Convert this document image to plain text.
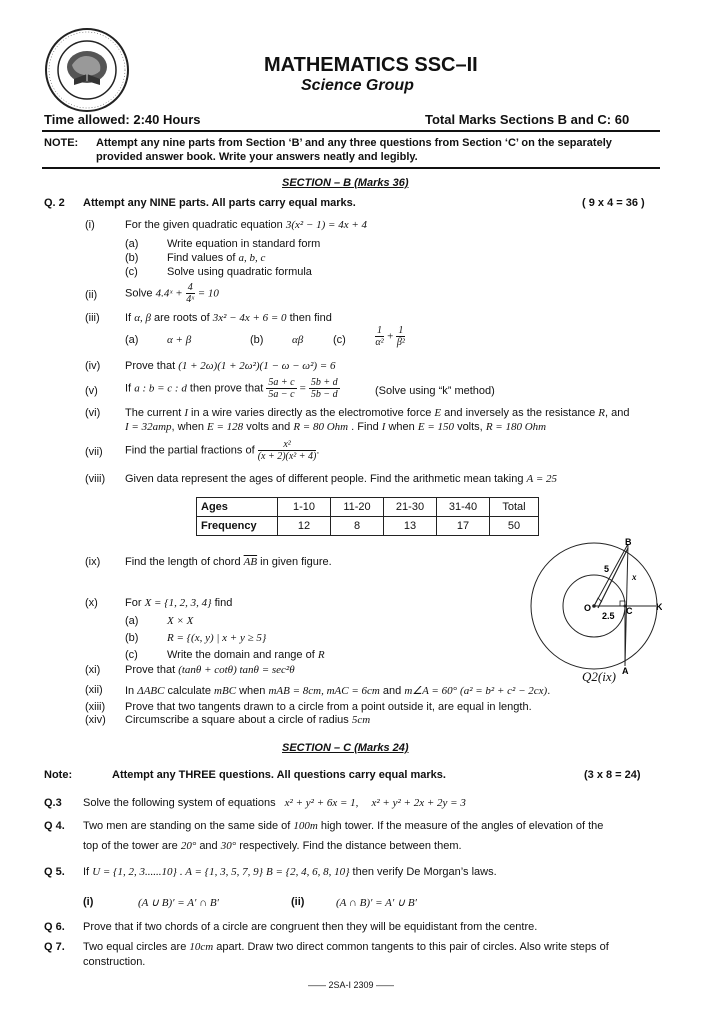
MATHEMATICS SSC–II
Science Group
Time allowed: 2:40 Hours	Total Marks Sections B and C: 60
NOTE: Attempt any nine parts from Section ‘B’ and any three questions from Section ‘C’ on the separately
provided answer book. Write your answers neatly and legibly.
SECTION – B (Marks 36)
Q. 2 Attempt any NINE parts. All parts carry equal marks.	( 9 x 4 = 36 )
(i)	For the given quadratic equation 3(x² − 1) = 4x + 4
(a)	Write equation in standard form
(b)	Find values of a, b, c
(c)	Solve using quadratic formula
(ii)	Solve 4.4ˣ + $\frac{4}{\text{4ˣ}} = 10$
(iii) If α, β are roots of 3x² − 4x + 6 = 0 then find
(a)	α + β	(b)	αβ	(c)	$\frac{1}{\text{α²}} + \frac{1}{\text{β²}}$
(iv) Prove that (1 + 2ω)(1 + 2ω²)(1 − ω − ω²) = 6
(v) If a : b = c : d then prove that $\frac{5a + c}{5a - c} = \frac{5b + d}{5b - d}$	(Solve using “k” method)
(vi) The current I in a wire varies directly as the electromotive force E and inversely as the resistance R, and
I = 32amp, when E = 128 volts and R = 80 Ohm . Find I when E = 150 volts, R = 180 Ohm
(vii) Find the partial fractions of $\frac{\text{x²}}{\text{(x + 2)(x² + 4)}}$ .
(viii) Given data represent the ages of different people. Find the arithmetic mean taking A = 25
Ages	1-10	11-20	21-30	31-40	Total
Frequency	12	8	13	17	50
(ix) Find the length of chord $\overline{AB}$ in given figure.
B
O	C	K
A
5
x
2.5
Q2(ix)
(x) For X = {1, 2, 3, 4} find
(a)	X × X
(b)	R = {(x, y) | x + y ≥ 5}
(c)	Write the domain and range of R
(xi) Prove that (tanθ + cotθ) tanθ = sec²θ
(xii) In ΔABC calculate mBC when mAB = 8cm, mAC = 6cm and m∠A = 60° (a² = b² + c² − 2cx).
(xiii) Prove that two tangents drawn to a circle from a point outside it, are equal in length.
(xiv) Circumscribe a square about a circle of radius 5cm
SECTION – C (Marks 24)
Note:	Attempt any THREE questions. All questions carry equal marks.	(3 x 8 = 24)
Q.3 Solve the following system of equations x² + y² + 6x = 1, x² + y² + 2x + 2y = 3
Q 4. Two men are standing on the same side of 100m high tower. If the measure of the angles of elevation of the
top of the tower are 20° and 30° respectively. Find the distance between them.
Q 5. If U = {1, 2, 3......10} . A = {1, 3, 5, 7, 9} B = {2, 4, 6, 8, 10} then verify De Morgan’s laws.
(i)	(A ∪ B)′ = A′ ∩ B′	(ii)	(A ∩ B)′ = A′ ∪ B′
Q 6. Prove that if two chords of a circle are congruent then they will be equidistant from the centre.
Q 7. Two equal circles are 10cm apart. Draw two direct common tangents to this pair of circles. Also write steps of
construction.
—— 2SA-I 2309 ——
